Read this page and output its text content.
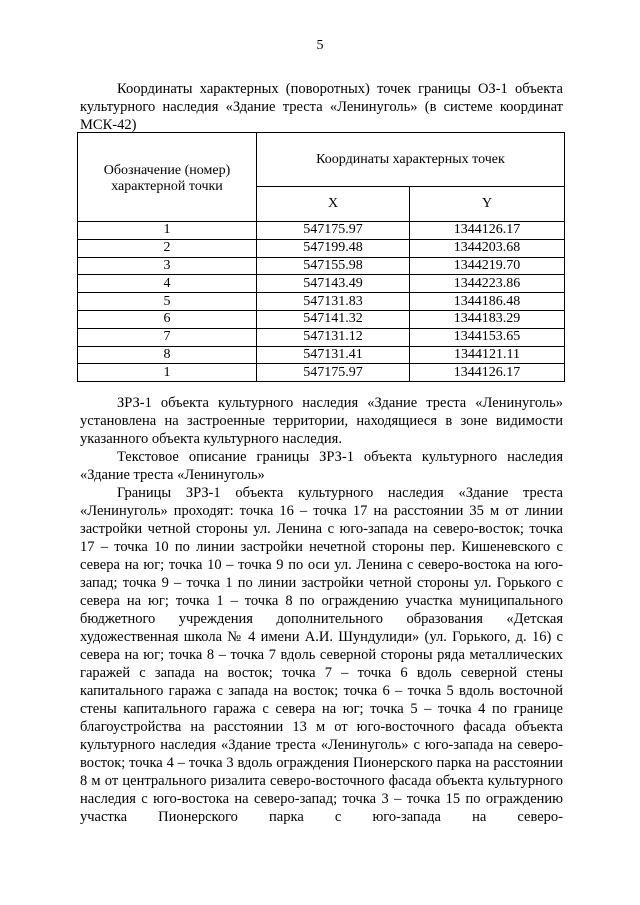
5

Координаты характерных (поворотных) точек границы ОЗ-1 объекта культурного наследия «Здание треста «Ленинуголь» (в системе координат МСК-42)

Обозначение (номер) характерной точки	Координаты характерных точек	
	X	Y
1	547175.97	1344126.17
2	547199.48	1344203.68
3	547155.98	1344219.70
4	547143.49	1344223.86
5	547131.83	1344186.48
6	547141.32	1344183.29
7	547131.12	1344153.65
8	547131.41	1344121.11
1	547175.97	1344126.17

ЗРЗ-1 объекта культурного наследия «Здание треста «Ленинуголь» установлена на застроенные территории, находящиеся в зоне видимости указанного объекта культурного наследия.

Текстовое описание границы ЗРЗ-1 объекта культурного наследия «Здание треста «Ленинуголь»

Границы ЗРЗ-1 объекта культурного наследия «Здание треста «Ленинуголь» проходят: точка 16 – точка 17 на расстоянии 35 м от линии застройки четной стороны ул. Ленина с юго-запада на северо-восток; точка 17 – точка 10 по линии застройки нечетной стороны пер. Кишеневского с севера на юг; точка 10 – точка 9 по оси ул. Ленина с северо-востока на юго-запад; точка 9 – точка 1 по линии застройки четной стороны ул. Горького с севера на юг; точка 1 – точка 8 по ограждению участка муниципального бюджетного учреждения дополнительного образования «Детская художественная школа № 4 имени А.И. Шундулиди» (ул. Горького, д. 16) с севера на юг; точка 8 – точка 7 вдоль северной стороны ряда металлических гаражей с запада на восток; точка 7 – точка 6 вдоль северной стены капитального гаража с запада на восток; точка 6 – точка 5 вдоль восточной стены капитального гаража с севера на юг; точка 5 – точка 4 по границе благоустройства на расстоянии 13 м от юго-восточного фасада объекта культурного наследия «Здание треста «Ленинуголь» с юго-запада на северо-восток; точка 4 – точка 3 вдоль ограждения Пионерского парка на расстоянии 8 м от центрального ризалита северо-восточного фасада объекта культурного наследия с юго-востока на северо-запад; точка 3 – точка 15 по ограждению участка Пионерского парка с юго-запада на северо-
